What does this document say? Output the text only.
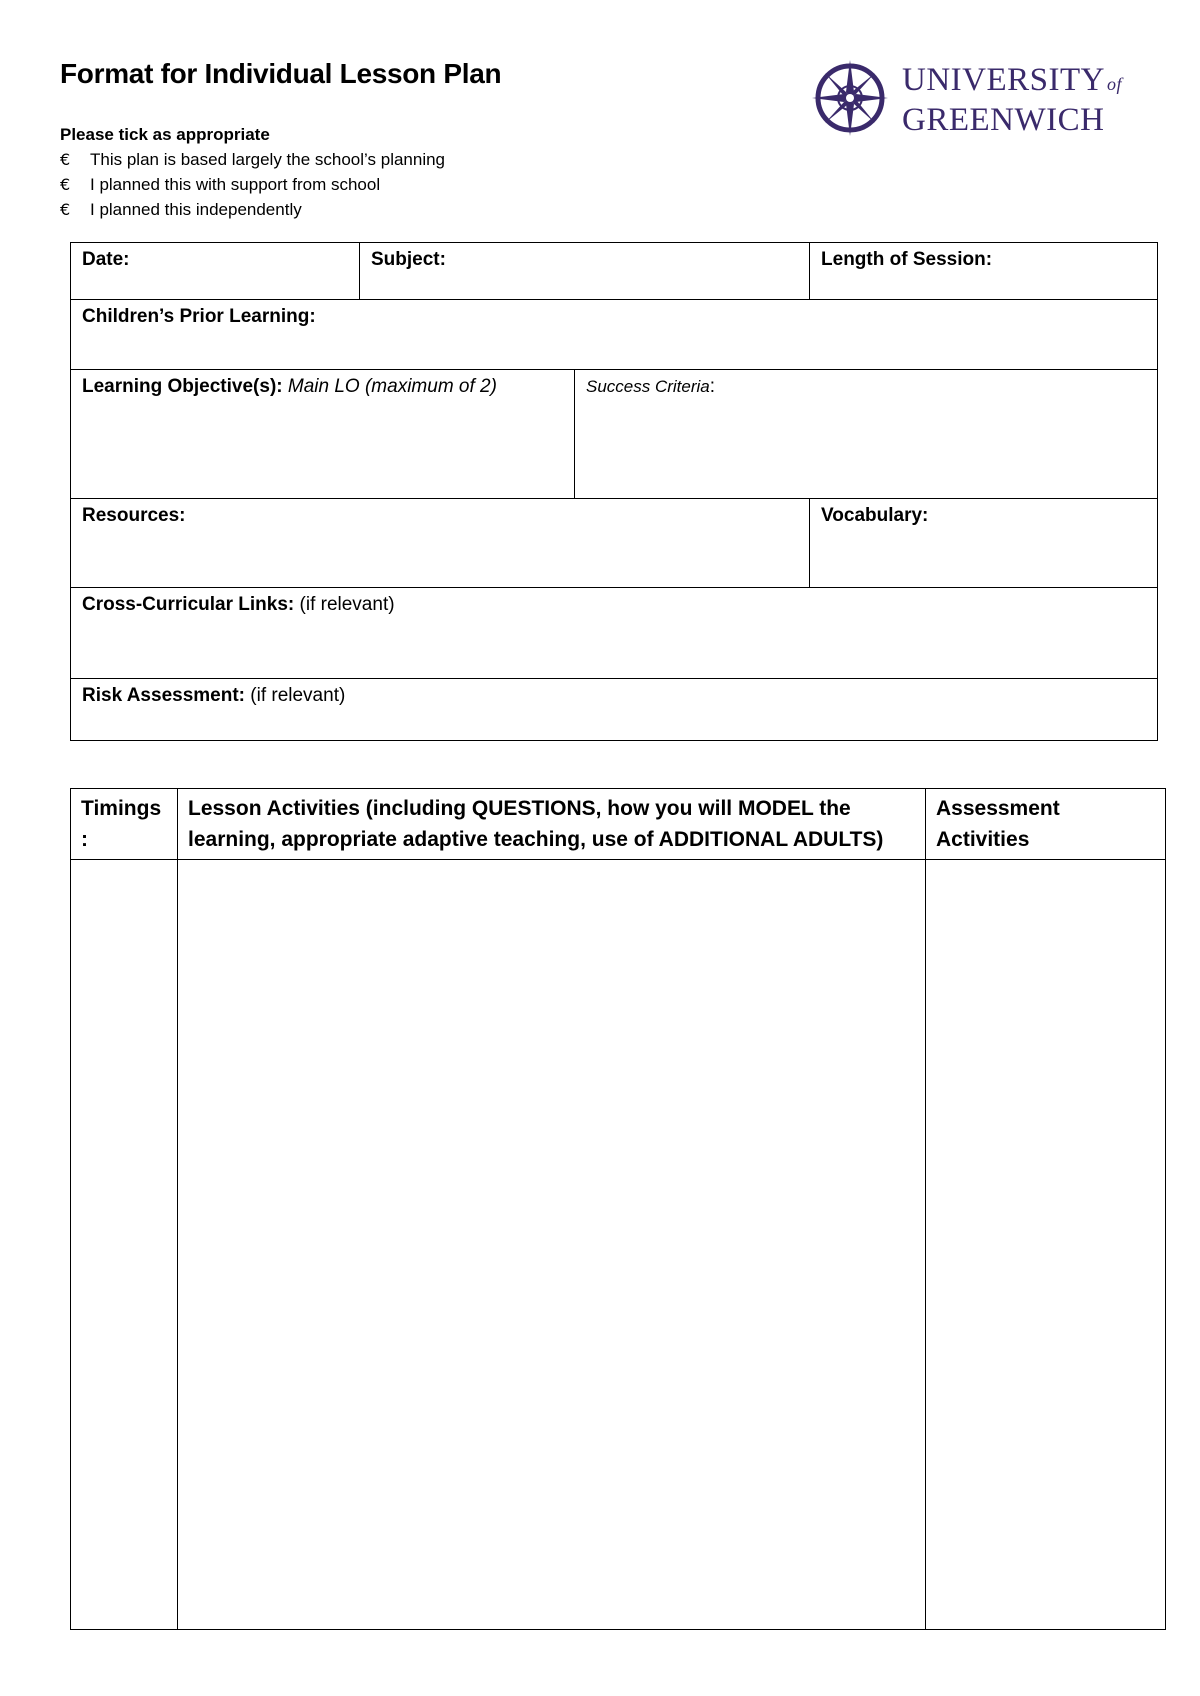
Format for Individual Lesson Plan	UNIVERSITY of
GREENWICH
Please tick as appropriate
€	This plan is based largely the school’s planning
€	I planned this with support from school
€	I planned this independently
Date:	Subject:		Length of Session:
Children’s Prior Learning:			
Learning Objective(s): Main LO (maximum of 2)		Success Criteria:	
Resources:			Vocabulary:
Cross-Curricular Links: (if relevant)			
Risk Assessment: (if relevant)			
Timings :	Lesson Activities (including QUESTIONS, how you will MODEL the learning, appropriate adaptive teaching, use of ADDITIONAL ADULTS)	Assessment Activities
